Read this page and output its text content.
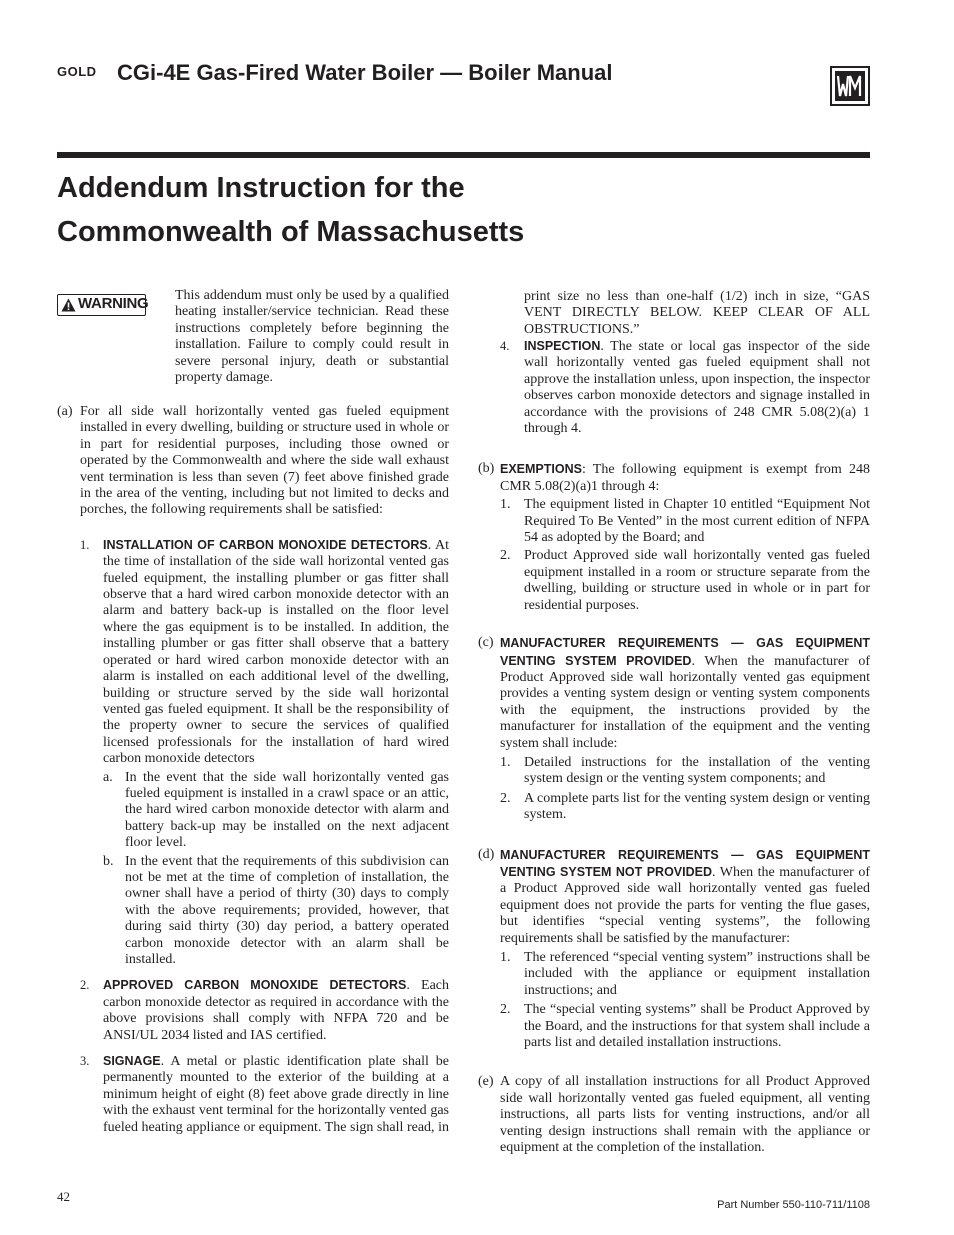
GOLD CGi-4E Gas-Fired Water Boiler — Boiler Manual
Addendum Instruction for the
Commonwealth of Massachusetts
WARNING This addendum must only be used by a qualified heating installer/service technician. Read these instructions completely before beginning the installation. Failure to comply could result in severe personal injury, death or substantial property damage.

(a) For all side wall horizontally vented gas fueled equipment installed in every dwelling, building or structure used in whole or in part for residential purposes, including those owned or operated by the Commonwealth and where the side wall exhaust vent termination is less than seven (7) feet above finished grade in the area of the venting, including but not limited to decks and porches, the following requirements shall be satisfied:

1. INSTALLATION OF CARBON MONOXIDE DETECTORS. At the time of installation of the side wall horizontal vented gas fueled equipment, the installing plumber or gas fitter shall observe that a hard wired carbon monoxide detector with an alarm and battery back-up is installed on the floor level where the gas equipment is to be installed. In addition, the installing plumber or gas fitter shall observe that a battery operated or hard wired carbon monoxide detector with an alarm is installed on each additional level of the dwelling, building or structure served by the side wall horizontal vented gas fueled equipment. It shall be the responsibility of the property owner to secure the services of qualified licensed professionals for the installation of hard wired carbon monoxide detectors

a. In the event that the side wall horizontally vented gas fueled equipment is installed in a crawl space or an attic, the hard wired carbon monoxide detector with alarm and battery back-up may be installed on the next adjacent floor level.

b. In the event that the requirements of this subdivision can not be met at the time of completion of installation, the owner shall have a period of thirty (30) days to comply with the above requirements; provided, however, that during said thirty (30) day period, a battery operated carbon monoxide detector with an alarm shall be installed.

2. APPROVED CARBON MONOXIDE DETECTORS. Each carbon monoxide detector as required in accordance with the above provisions shall comply with NFPA 720 and be ANSI/UL 2034 listed and IAS certified.

3. SIGNAGE. A metal or plastic identification plate shall be permanently mounted to the exterior of the building at a minimum height of eight (8) feet above grade directly in line with the exhaust vent terminal for the horizontally vented gas fueled heating appliance or equipment. The sign shall read, in

print size no less than one-half (1/2) inch in size, “GAS VENT DIRECTLY BELOW. KEEP CLEAR OF ALL OBSTRUCTIONS.”

4. INSPECTION. The state or local gas inspector of the side wall horizontally vented gas fueled equipment shall not approve the installation unless, upon inspection, the inspector observes carbon monoxide detectors and signage installed in accordance with the provisions of 248 CMR 5.08(2)(a) 1 through 4.

(b) EXEMPTIONS: The following equipment is exempt from 248 CMR 5.08(2)(a)1 through 4:

1. The equipment listed in Chapter 10 entitled “Equipment Not Required To Be Vented” in the most current edition of NFPA 54 as adopted by the Board; and

2. Product Approved side wall horizontally vented gas fueled equipment installed in a room or structure separate from the dwelling, building or structure used in whole or in part for residential purposes.

(c) MANUFACTURER REQUIREMENTS — GAS EQUIPMENT VENTING SYSTEM PROVIDED. When the manufacturer of Product Approved side wall horizontally vented gas equipment provides a venting system design or venting system components with the equipment, the instructions provided by the manufacturer for installation of the equipment and the venting system shall include:

1. Detailed instructions for the installation of the venting system design or the venting system components; and

2. A complete parts list for the venting system design or venting system.

(d) MANUFACTURER REQUIREMENTS — GAS EQUIPMENT VENTING SYSTEM NOT PROVIDED. When the manufacturer of a Product Approved side wall horizontally vented gas fueled equipment does not provide the parts for venting the flue gases, but identifies “special venting systems”, the following requirements shall be satisfied by the manufacturer:

1. The referenced “special venting system” instructions shall be included with the appliance or equipment installation instructions; and

2. The “special venting systems” shall be Product Approved by the Board, and the instructions for that system shall include a parts list and detailed installation instructions.

(e) A copy of all installation instructions for all Product Approved side wall horizontally vented gas fueled equipment, all venting instructions, all parts lists for venting instructions, and/or all venting design instructions shall remain with the appliance or equipment at the completion of the installation.

42
Part Number 550-110-711/1108
